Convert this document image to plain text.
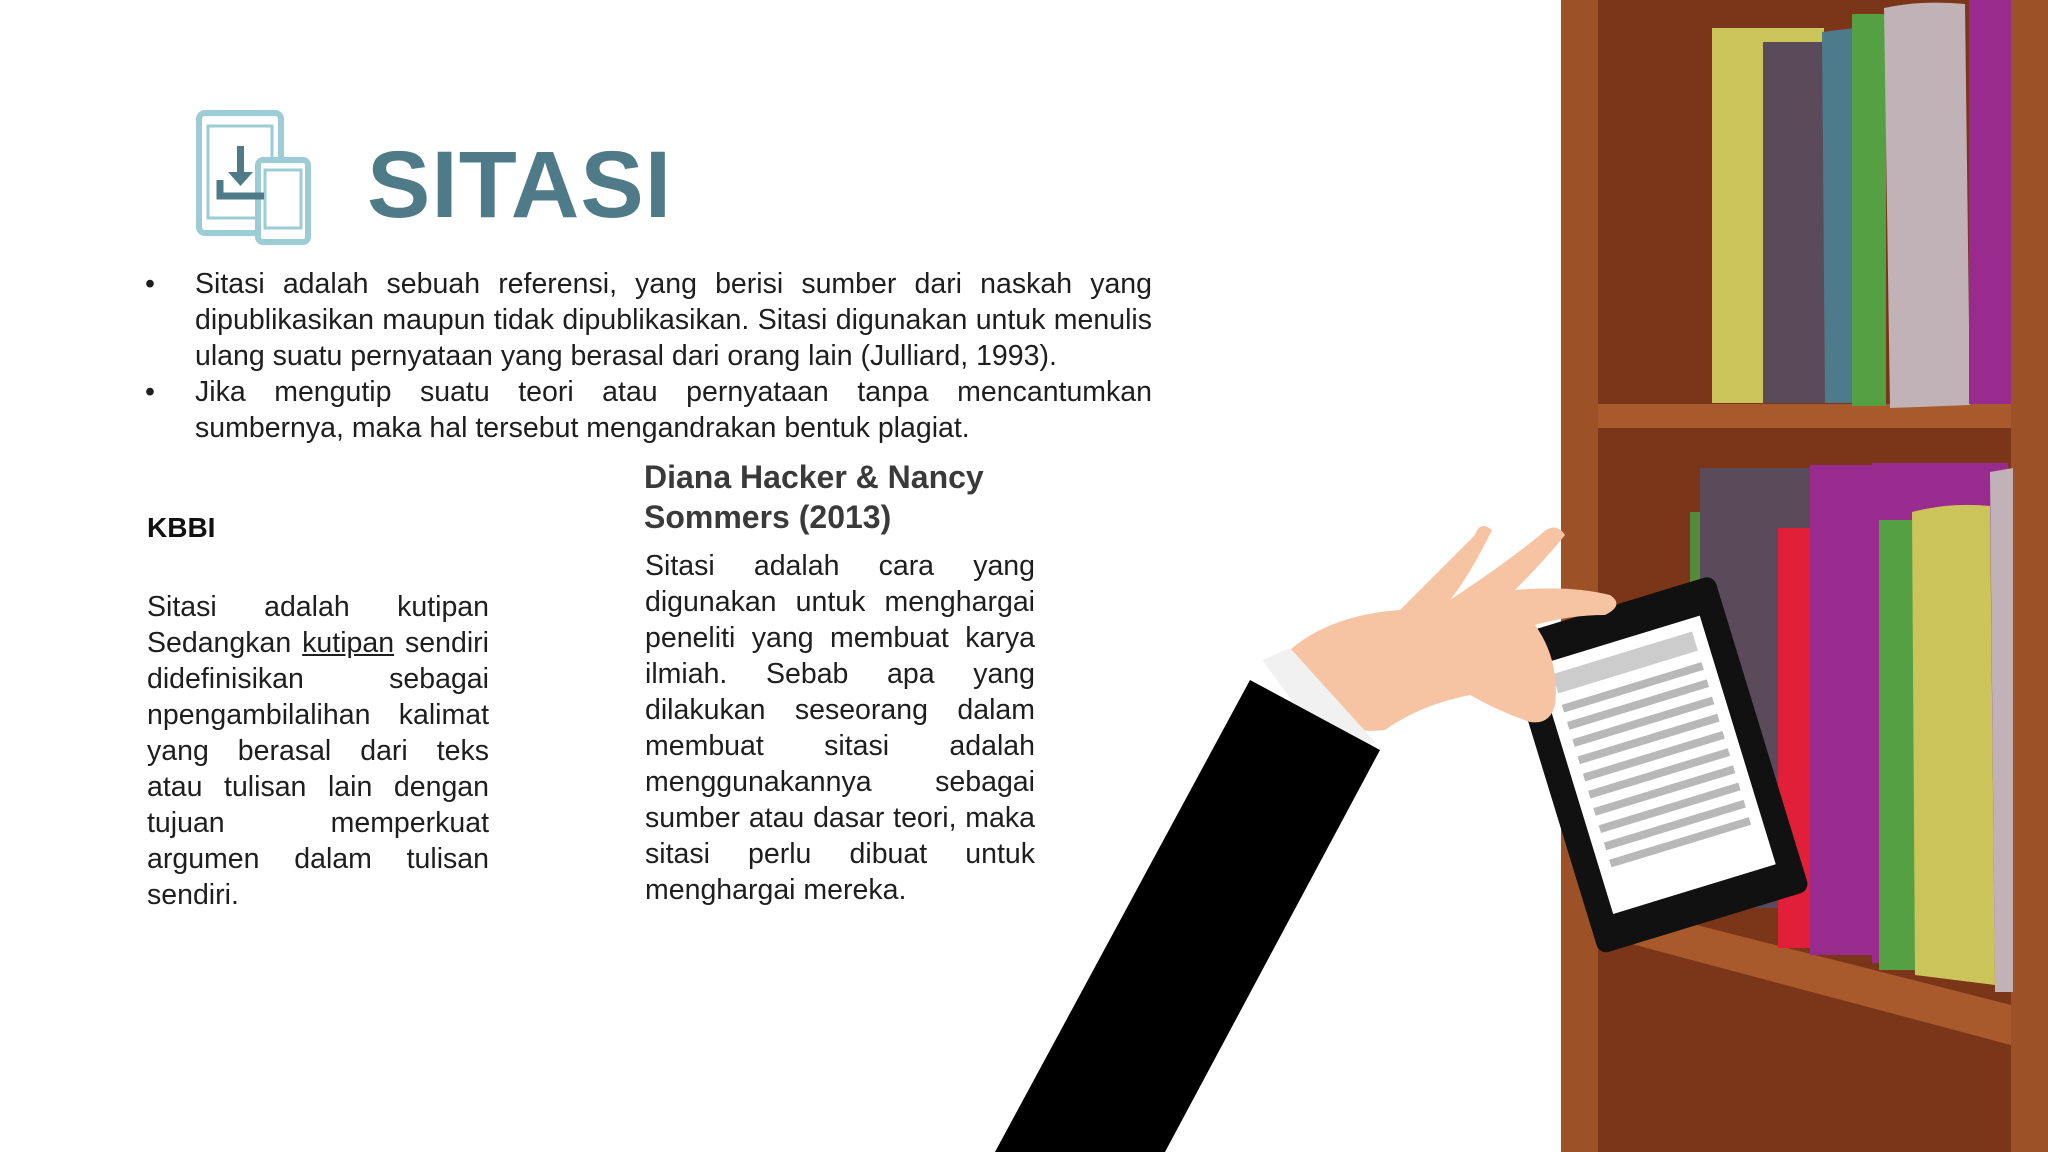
SITASI
• Sitasi adalah sebuah referensi, yang berisi sumber dari naskah yang dipublikasikan maupun tidak dipublikasikan. Sitasi digunakan untuk menulis ulang suatu pernyataan yang berasal dari orang lain (Julliard, 1993).
• Jika mengutip suatu teori atau pernyataan tanpa mencantumkan sumbernya, maka hal tersebut mengandrakan bentuk plagiat.
KBBI

Sitasi adalah kutipan Sedangkan kutipan sendiri didefinisikan sebagai npengambilalihan kalimat yang berasal dari teks atau tulisan lain dengan tujuan memperkuat argumen dalam tulisan sendiri.

Diana Hacker & Nancy Sommers (2013)

Sitasi adalah cara yang digunakan untuk menghargai peneliti yang membuat karya ilmiah. Sebab apa yang dilakukan seseorang dalam membuat sitasi adalah menggunakannya sebagai sumber atau dasar teori, maka sitasi perlu dibuat untuk menghargai mereka.
